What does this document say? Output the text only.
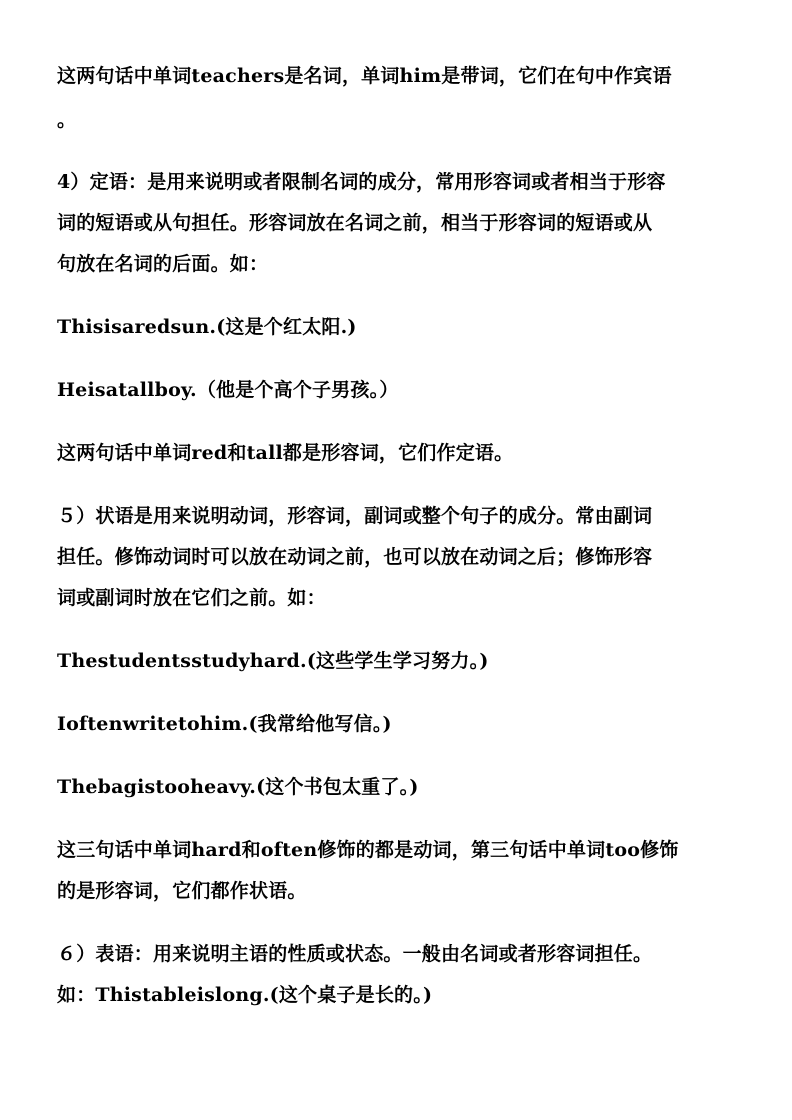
这两句话中单词teachers是名词，单词him是带词，它们在句中作宾语
。
4）定语：是用来说明或者限制名词的成分，常用形容词或者相当于形容
词的短语或从句担任。形容词放在名词之前，相当于形容词的短语或从
句放在名词的后面。如：
Thisisaredsun.(这是个红太阳.)
Heisatallboy.（他是个高个子男孩。）
这两句话中单词red和tall都是形容词，它们作定语。
５）状语是用来说明动词，形容词，副词或整个句子的成分。常由副词
担任。修饰动词时可以放在动词之前，也可以放在动词之后；修饰形容
词或副词时放在它们之前。如：
Thestudentsstudyhard.(这些学生学习努力。)
Ioftenwritetohim.(我常给他写信。)
Thebagistooheavy.(这个书包太重了。)
这三句话中单词hard和often修饰的都是动词，第三句话中单词too修饰
的是形容词，它们都作状语。
６）表语：用来说明主语的性质或状态。一般由名词或者形容词担任。
如：Thistableislong.(这个桌子是长的。)
